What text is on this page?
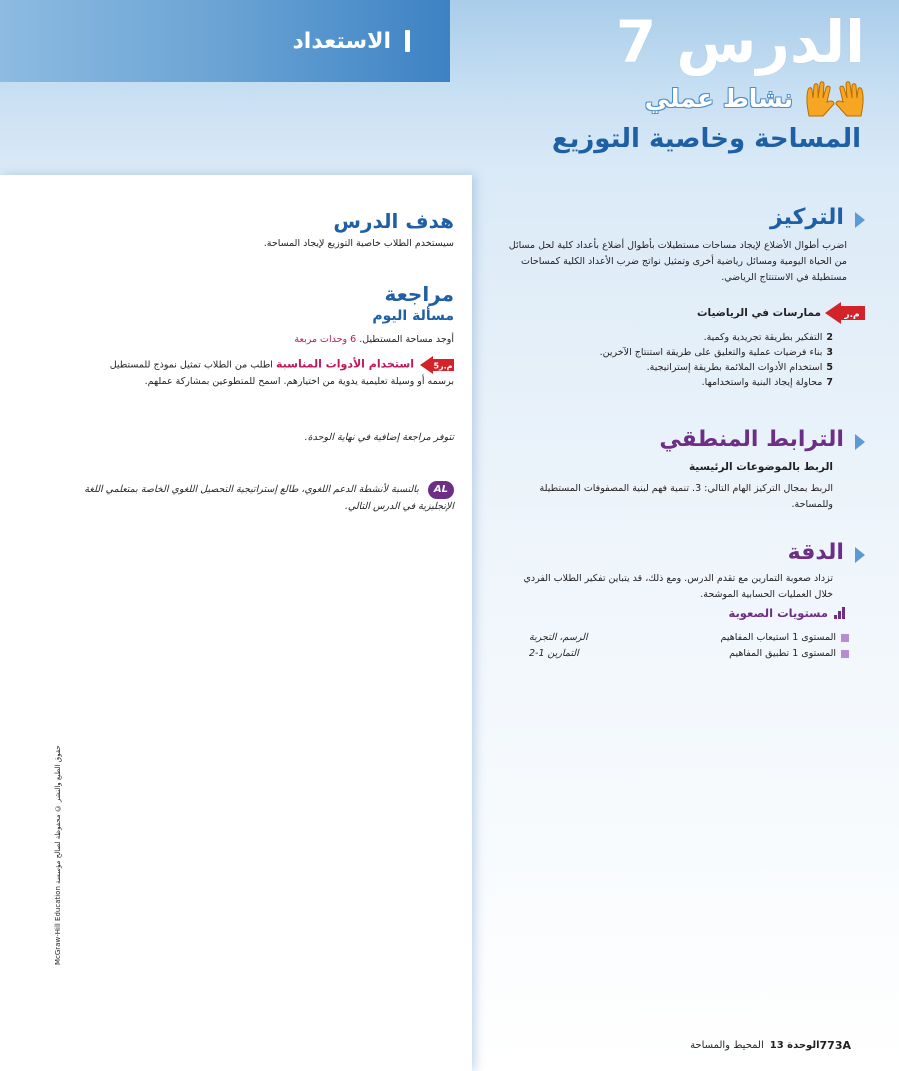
الاستعداد	الدرس 7
نشاط عملي
المساحة وخاصية التوزيع
التركيز
اضرب أطوال الأضلاع لإيجاد مساحات مستطيلات بأطوال أضلاع بأعداد كلية لحل مسائل من الحياة اليومية ومسائل رياضية أخرى وتمثيل نواتج ضرب الأعداد الكلية كمساحات مستطيلة في الاستنتاج الرياضي.
م.ر
ممارسات في الرياضيات
2التفكير بطريقة تجريدية وكمية.
3بناء فرضيات عملية والتعليق على طريقة استنتاج الآخرين.
5استخدام الأدوات الملائمة بطريقة إستراتيجية.
7محاولة إيجاد البنية واستخدامها.
الترابط المنطقي
الربط بالموضوعات الرئيسية
الربط بمجال التركيز الهام التالي: 3. تنمية فهم لبنية المصفوفات المستطيلة وللمساحة.
الدقة
تزداد صعوبة التمارين مع تقدم الدرس. ومع ذلك، قد يتباين تفكير الطلاب الفردي خلال العمليات الحسابية الموشحة.
مستويات الصعوبة
المستوى 1 استيعاب المفاهيم
الرسم، التجربة
المستوى 1 تطبيق المفاهيم
التمارين 1-2
هدف الدرس
سيستخدم الطلاب خاصية التوزيع لإيجاد المساحة.
مراجعة
مسألة اليوم
أوجد مساحة المستطيل. 6 وحدات مربعة
م.ر5
استخدام الأدوات المناسبة اطلب من الطلاب تمثيل نموذج للمستطيل برسمه أو وسيلة تعليمية يدوية من اختيارهم. اسمح للمتطوعين بمشاركة عملهم.
تتوفر مراجعة إضافية في نهاية الوحدة.
AL بالنسبة لأنشطة الدعم اللغوي، طالع إستراتيجية التحصيل اللغوي الخاصة بمتعلمي اللغة الإنجليزية في الدرس التالي.
حقوق الطبع والنشر © محفوظة لصالح مؤسسة McGraw-Hill Education
773A
الوحدة 13
المحيط والمساحة
